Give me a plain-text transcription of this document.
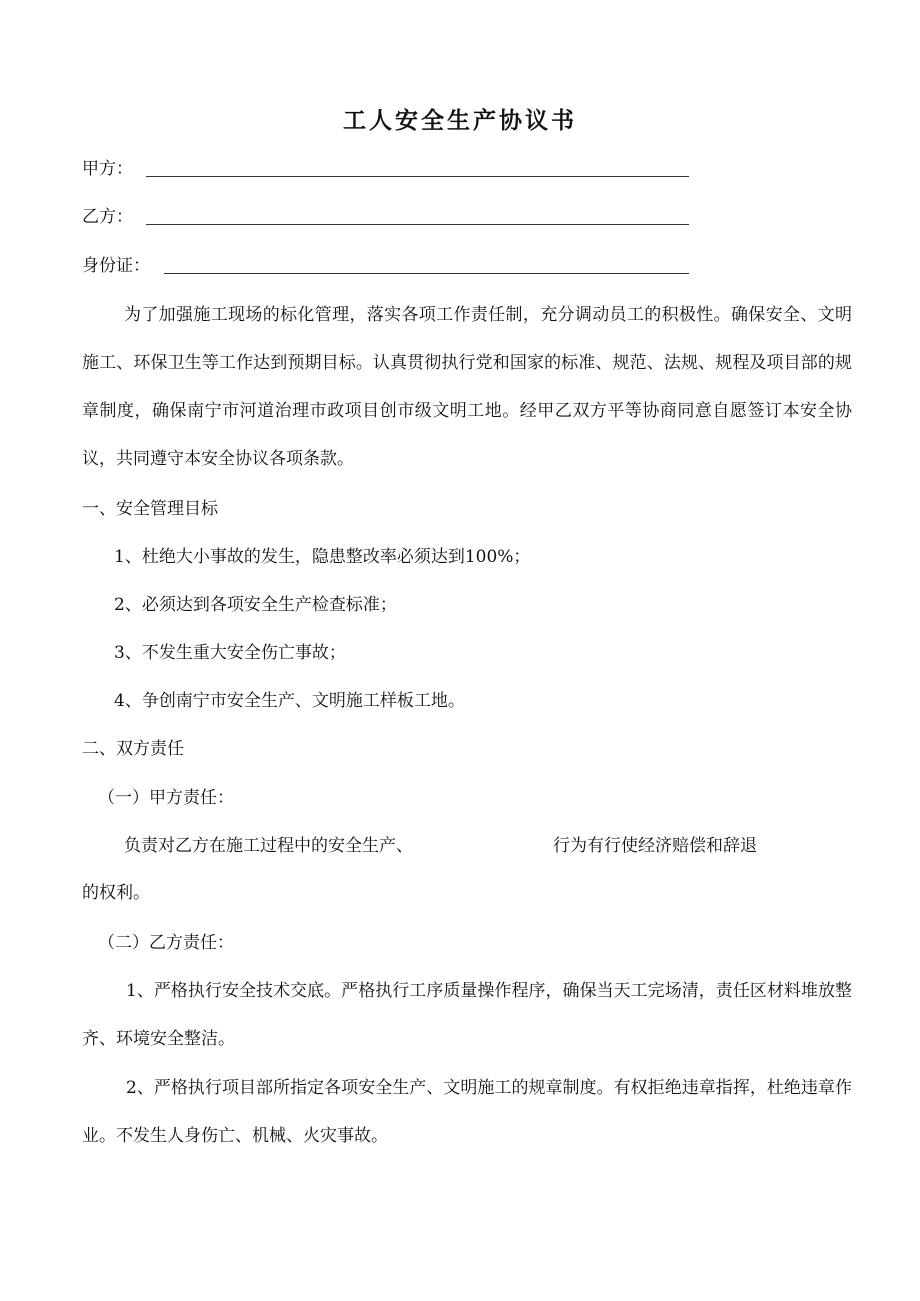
工人安全生产协议书
甲方：
乙方：
身份证：

为了加强施工现场的标化管理，落实各项工作责任制，充分调动员工的积极性。确保安全、文明施工、环保卫生等工作达到预期目标。认真贯彻执行党和国家的标准、规范、法规、规程及项目部的规章制度，确保南宁市河道治理市政项目创市级文明工地。经甲乙双方平等协商同意自愿签订本安全协议，共同遵守本安全协议各项条款。

一、安全管理目标
1、杜绝大小事故的发生，隐患整改率必须达到100%；
2、必须达到各项安全生产检查标准；
3、不发生重大安全伤亡事故；
4、争创南宁市安全生产、文明施工样板工地。
二、双方责任
（一）甲方责任：
负责对乙方在施工过程中的安全生产、	行为有行使经济赔偿和辞退
的权利。
（二）乙方责任：

1、严格执行安全技术交底。严格执行工序质量操作程序，确保当天工完场清，责任区材料堆放整齐、环境安全整洁。

2、严格执行项目部所指定各项安全生产、文明施工的规章制度。有权拒绝违章指挥，杜绝违章作业。不发生人身伤亡、机械、火灾事故。
